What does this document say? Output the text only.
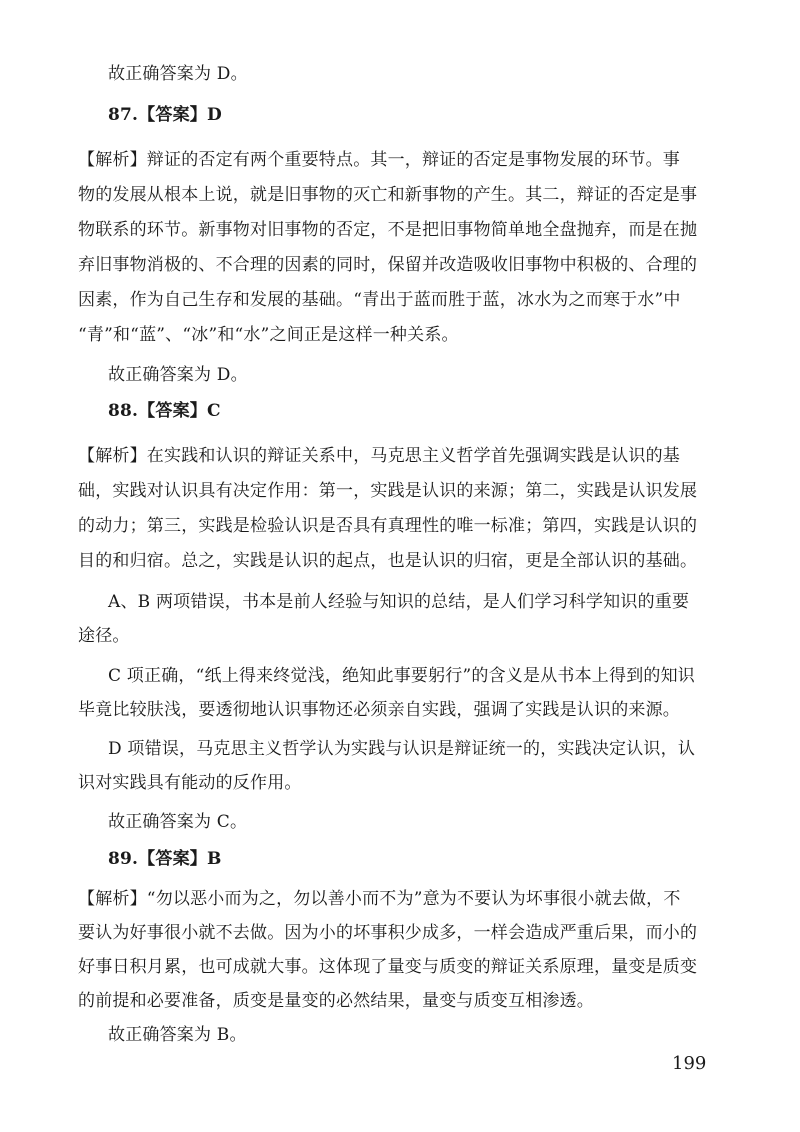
故正确答案为 D。
87.【答案】D
【解析】辩证的否定有两个重要特点。其一，辩证的否定是事物发展的环节。事
物的发展从根本上说，就是旧事物的灭亡和新事物的产生。其二，辩证的否定是事
物联系的环节。新事物对旧事物的否定，不是把旧事物简单地全盘抛弃，而是在抛
弃旧事物消极的、不合理的因素的同时，保留并改造吸收旧事物中积极的、合理的
因素，作为自己生存和发展的基础。“青出于蓝而胜于蓝，冰水为之而寒于水”中
“青”和“蓝”、“冰”和“水”之间正是这样一种关系。
故正确答案为 D。
88.【答案】C
【解析】在实践和认识的辩证关系中，马克思主义哲学首先强调实践是认识的基
础，实践对认识具有决定作用：第一，实践是认识的来源；第二，实践是认识发展
的动力；第三，实践是检验认识是否具有真理性的唯一标准；第四，实践是认识的
目的和归宿。总之，实践是认识的起点，也是认识的归宿，更是全部认识的基础。
A、B 两项错误，书本是前人经验与知识的总结，是人们学习科学知识的重要
途径。
C 项正确，“纸上得来终觉浅，绝知此事要躬行”的含义是从书本上得到的知识
毕竟比较肤浅，要透彻地认识事物还必须亲自实践，强调了实践是认识的来源。
D 项错误，马克思主义哲学认为实践与认识是辩证统一的，实践决定认识，认
识对实践具有能动的反作用。
故正确答案为 C。
89.【答案】B
【解析】“勿以恶小而为之，勿以善小而不为”意为不要认为坏事很小就去做，不
要认为好事很小就不去做。因为小的坏事积少成多，一样会造成严重后果，而小的
好事日积月累，也可成就大事。这体现了量变与质变的辩证关系原理，量变是质变
的前提和必要准备，质变是量变的必然结果，量变与质变互相渗透。
故正确答案为 B。
199
